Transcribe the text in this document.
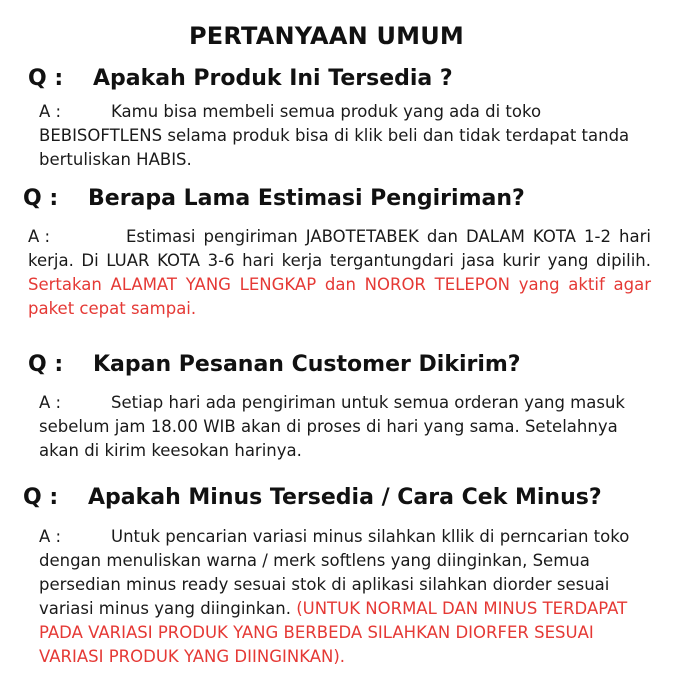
PERTANYAAN UMUM
Q : Apakah Produk Ini Tersedia ?
A :	Kamu bisa membeli semua produk yang ada di toko BEBISOFTLENS selama produk bisa di klik beli dan tidak terdapat tanda bertuliskan HABIS.
Q : Berapa Lama Estimasi Pengiriman?
A :	Estimasi pengiriman JABOTETABEK dan DALAM KOTA 1-2 hari kerja. Di LUAR KOTA 3-6 hari kerja tergantungdari jasa kurir yang dipilih. Sertakan ALAMAT YANG LENGKAP dan NOROR TELEPON yang aktif agar paket cepat sampai.
Q : Kapan Pesanan Customer Dikirim?
A :	Setiap hari ada pengiriman untuk semua orderan yang masuk sebelum jam 18.00 WIB akan di proses di hari yang sama. Setelahnya akan di kirim keesokan harinya.
Q : Apakah Minus Tersedia / Cara Cek Minus?
A :	Untuk pencarian variasi minus silahkan kllik di perncarian toko dengan menuliskan warna / merk softlens yang diinginkan, Semua persedian minus ready sesuai stok di aplikasi silahkan diorder sesuai variasi minus yang diinginkan. (UNTUK NORMAL DAN MINUS TERDAPAT PADA VARIASI PRODUK YANG BERBEDA SILAHKAN DIORFER SESUAI VARIASI PRODUK YANG DIINGINKAN).
